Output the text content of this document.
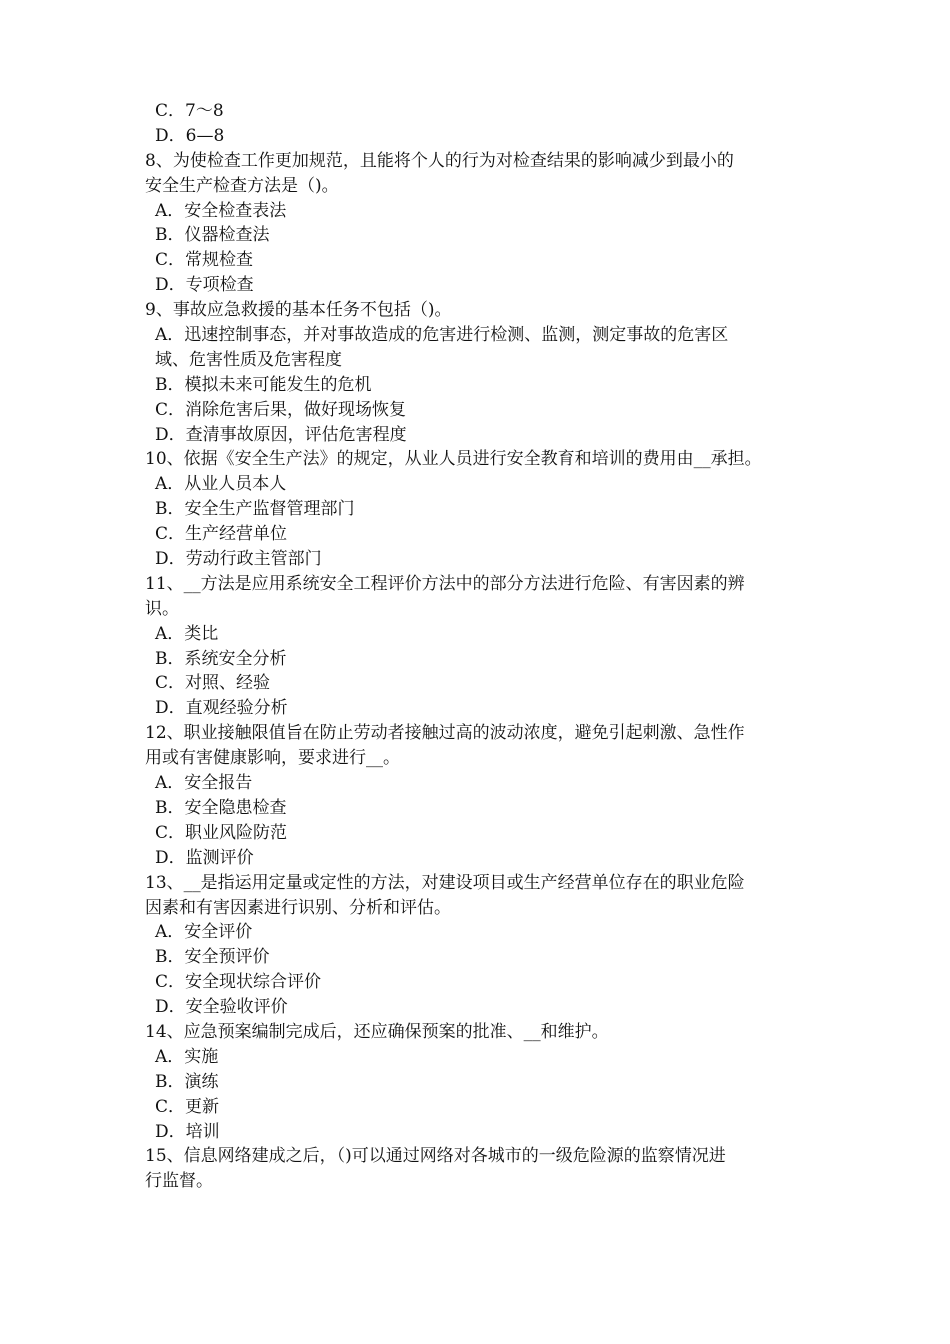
C．7～8
D．6—8
8、为使检查工作更加规范，且能将个人的行为对检查结果的影响减少到最小的
安全生产检查方法是（)。
A．安全检查表法
B．仪器检查法
C．常规检查
D．专项检查
9、事故应急救援的基本任务不包括（)。
A．迅速控制事态，并对事故造成的危害进行检测、监测，测定事故的危害区
域、危害性质及危害程度
B．模拟未来可能发生的危机
C．消除危害后果，做好现场恢复
D．查清事故原因，评估危害程度
10、依据《安全生产法》的规定，从业人员进行安全教育和培训的费用由__承担。
A．从业人员本人
B．安全生产监督管理部门
C．生产经营单位
D．劳动行政主管部门
11、__方法是应用系统安全工程评价方法中的部分方法进行危险、有害因素的辨
识。
A．类比
B．系统安全分析
C．对照、经验
D．直观经验分析
12、职业接触限值旨在防止劳动者接触过高的波动浓度，避免引起刺激、急性作
用或有害健康影响，要求进行__。
A．安全报告
B．安全隐患检查
C．职业风险防范
D．监测评价
13、__是指运用定量或定性的方法，对建设项目或生产经营单位存在的职业危险
因素和有害因素进行识别、分析和评估。
A．安全评价
B．安全预评价
C．安全现状综合评价
D．安全验收评价
14、应急预案编制完成后，还应确保预案的批准、__和维护。
A．实施
B．演练
C．更新
D．培训
15、信息网络建成之后，（)可以通过网络对各城市的一级危险源的监察情况进
行监督。
